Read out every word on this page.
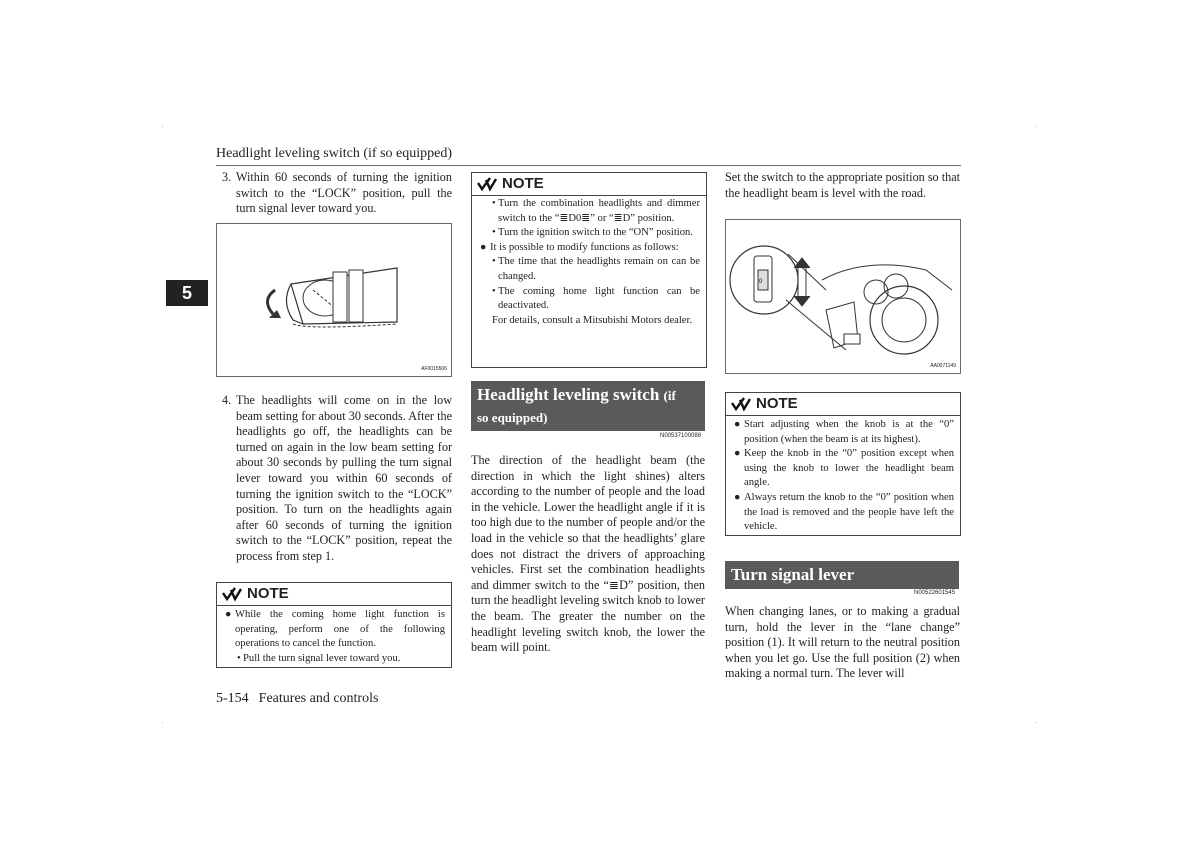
Headlight leveling switch (if so equipped)
5
3. Within 60 seconds of turning the ignition switch to the “LOCK” position, pull the turn signal lever toward you.
AF0015506
4. The headlights will come on in the low beam setting for about 30 seconds. After the headlights go off, the headlights can be turned on again in the low beam setting for about 30 seconds by pulling the turn signal lever toward you within 60 seconds of turning the ignition switch to the “LOCK” position. To turn on the headlights again after 60 seconds of turning the ignition switch to the “LOCK” position, repeat the process from step 1.
NOTE
● While the coming home light function is operating, perform one of the following operations to cancel the function.
• Pull the turn signal lever toward you.
NOTE
• Turn the combination headlights and dimmer switch to the “≣D0≣” or “≣D” position.
• Turn the ignition switch to the “ON” position.
● It is possible to modify functions as follows:
• The time that the headlights remain on can be changed.
• The coming home light function can be deactivated.
For details, consult a Mitsubishi Motors dealer.
Headlight leveling switch (if
so equipped)
N00537100088
The direction of the headlight beam (the direction in which the light shines) alters according to the number of people and the load in the vehicle. Lower the headlight angle if it is too high due to the number of people and/or the load in the vehicle so that the headlights’ glare does not distract the drivers of approaching vehicles. First set the combination headlights and dimmer switch to the “≣D” position, then turn the headlight leveling switch knob to lower the beam. The greater the number on the headlight leveling switch knob, the lower the beam will point.
Set the switch to the appropriate position so that the headlight beam is level with the road.
0
AA0071149
NOTE
● Start adjusting when the knob is at the “0” position (when the beam is at its highest).
● Keep the knob in the “0” position except when using the knob to lower the headlight beam angle.
● Always return the knob to the “0” position when the load is removed and the people have left the vehicle.
Turn signal lever
N00522601545
When changing lanes, or to making a gradual turn, hold the lever in the “lane change” position (1). It will return to the neutral position when you let go. Use the full position (2) when making a normal turn. The lever will
5-154 Features and controls
